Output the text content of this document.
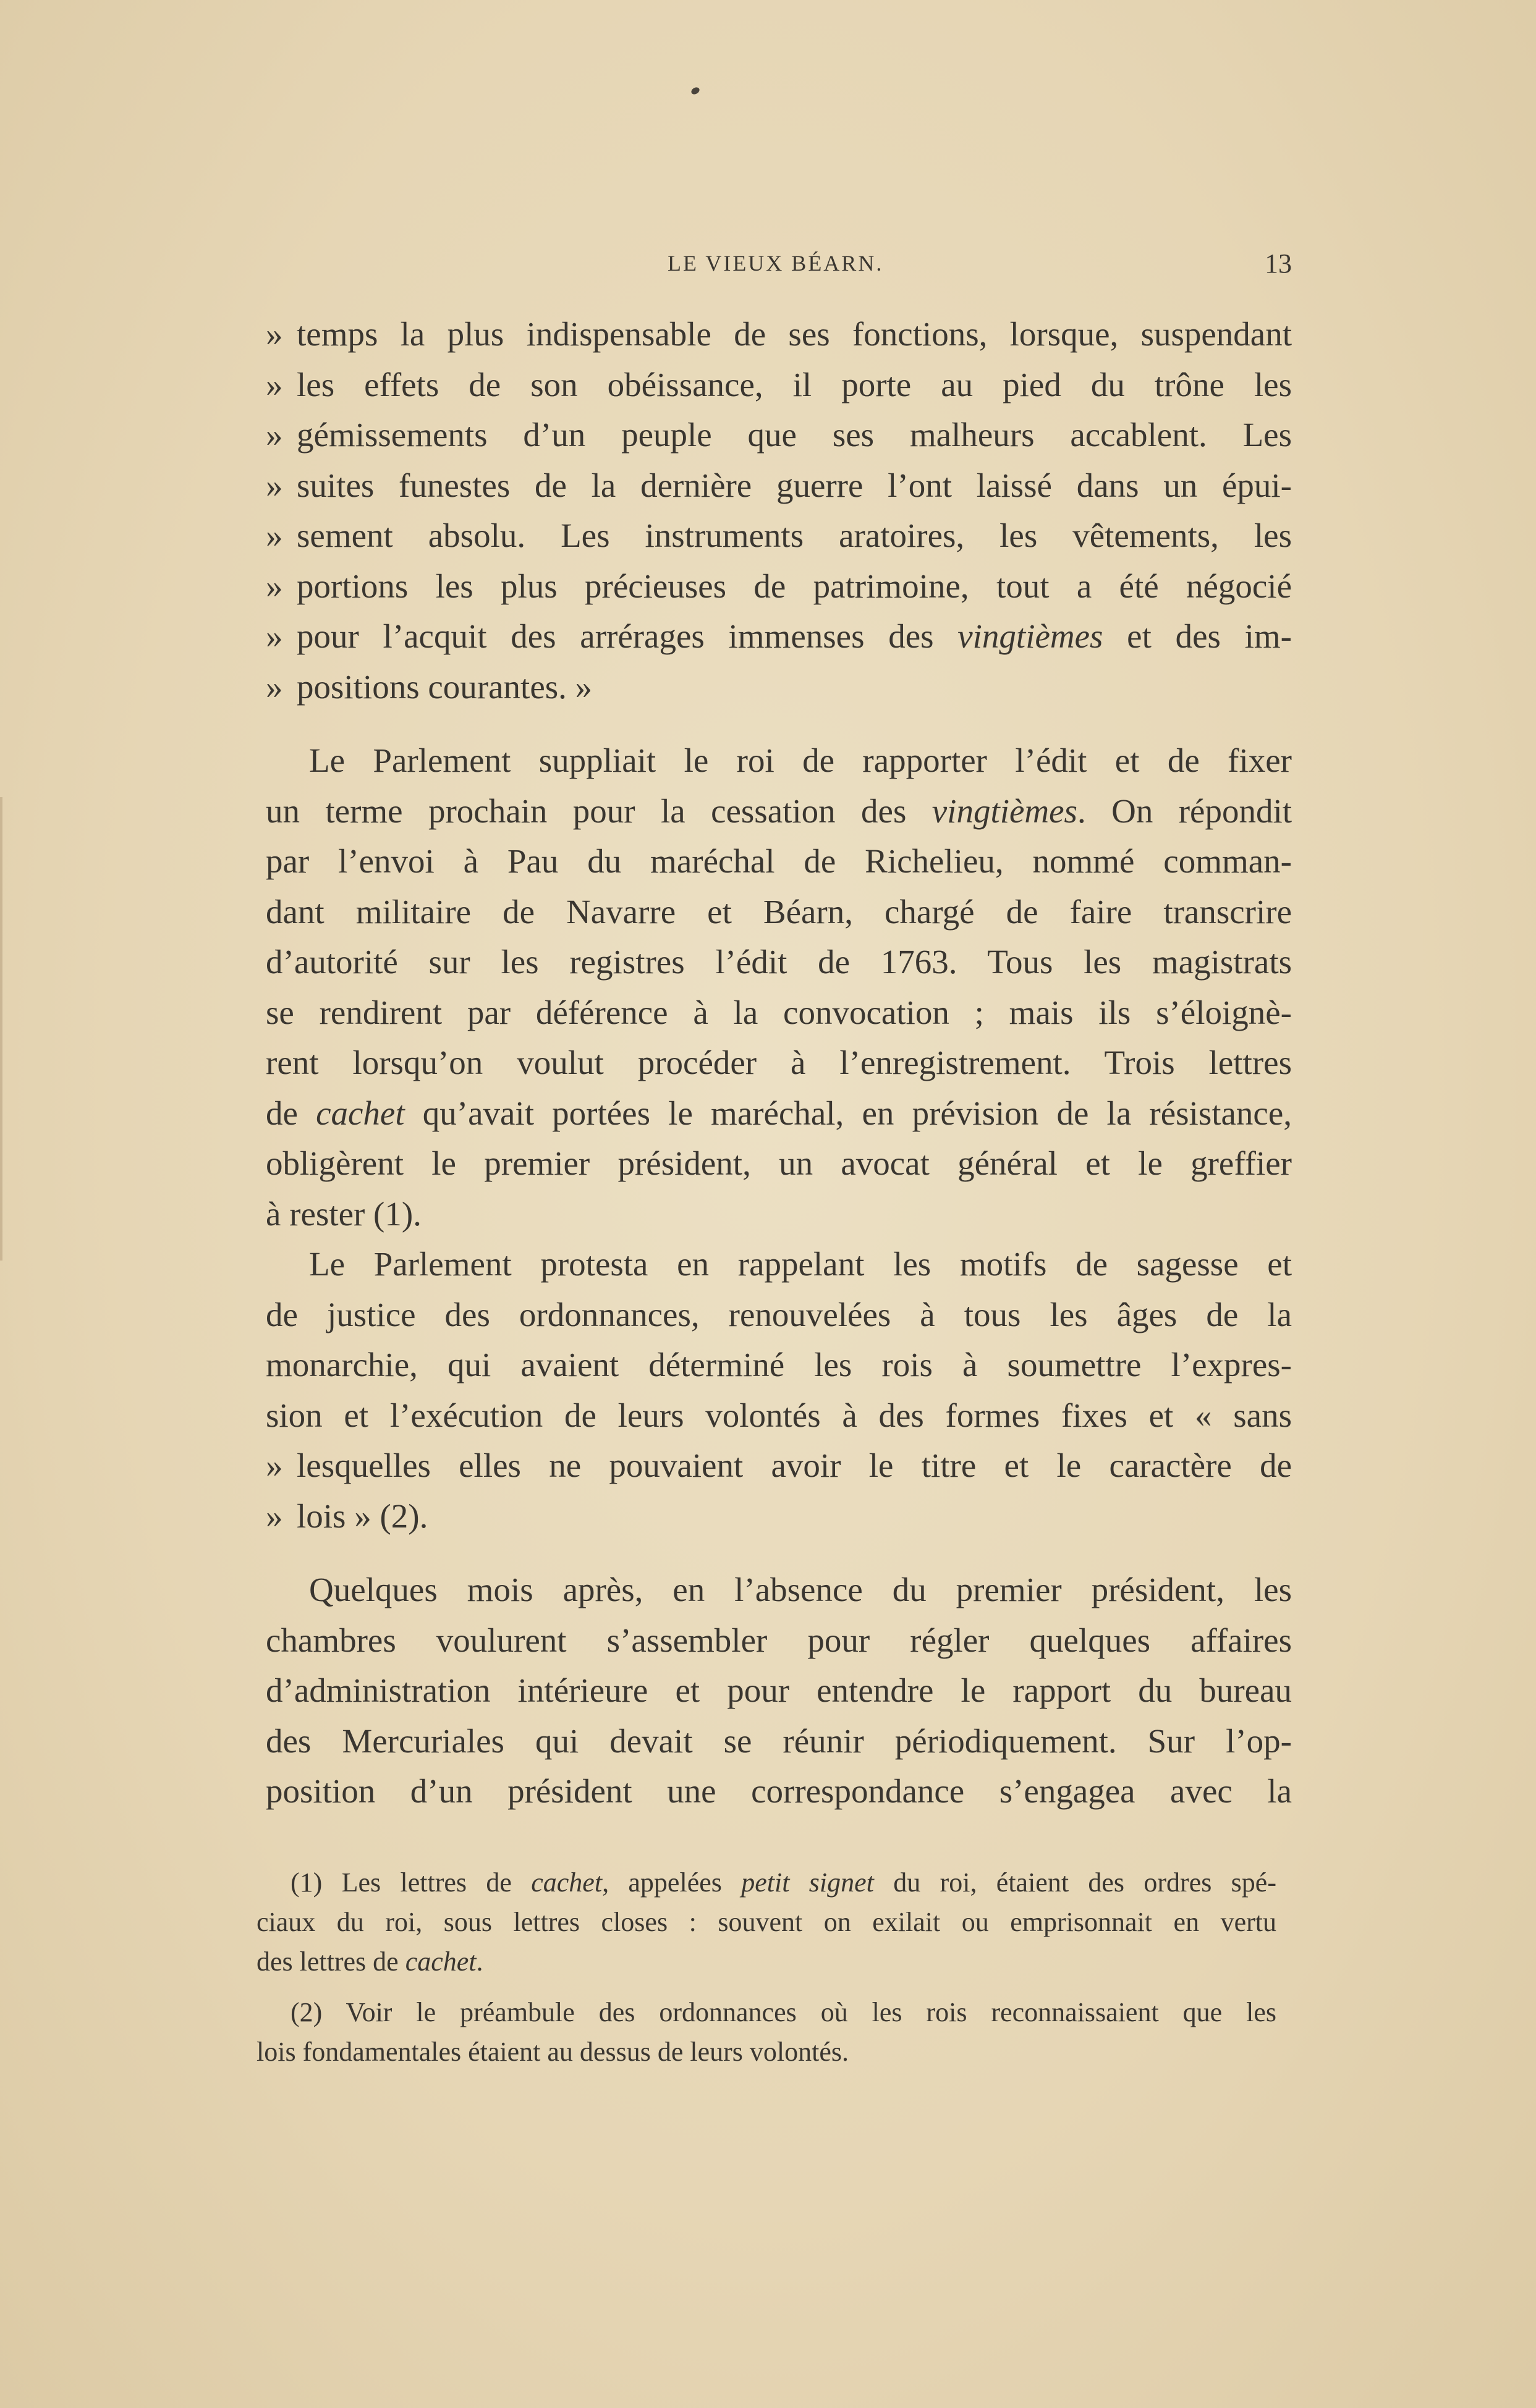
LE VIEUX BÉARN.	13
» temps la plus indispensable de ses fonctions, lorsque, suspendant
» les effets de son obéissance, il porte au pied du trône les
» gémissements d’un peuple que ses malheurs accablent. Les
» suites funestes de la dernière guerre l’ont laissé dans un épui-
» sement absolu. Les instruments aratoires, les vêtements, les
» portions les plus précieuses de patrimoine, tout a été négocié
» pour l’acquit des arrérages immenses des vingtièmes et des im-
» positions courantes. »
Le Parlement suppliait le roi de rapporter l’édit et de fixer
un terme prochain pour la cessation des vingtièmes. On répondit
par l’envoi à Pau du maréchal de Richelieu, nommé comman-
dant militaire de Navarre et Béarn, chargé de faire transcrire
d’autorité sur les registres l’édit de 1763. Tous les magistrats
se rendirent par déférence à la convocation ; mais ils s’éloignè-
rent lorsqu’on voulut procéder à l’enregistrement. Trois lettres
de cachet qu’avait portées le maréchal, en prévision de la résistance,
obligèrent le premier président, un avocat général et le greffier
à rester (1).
Le Parlement protesta en rappelant les motifs de sagesse et
de justice des ordonnances, renouvelées à tous les âges de la
monarchie, qui avaient déterminé les rois à soumettre l’expres-
sion et l’exécution de leurs volontés à des formes fixes et « sans
» lesquelles elles ne pouvaient avoir le titre et le caractère de
» lois » (2).
Quelques mois après, en l’absence du premier président, les
chambres voulurent s’assembler pour régler quelques affaires
d’administration intérieure et pour entendre le rapport du bureau
des Mercuriales qui devait se réunir périodiquement. Sur l’op-
position d’un président une correspondance s’engagea avec la
(1) Les lettres de cachet, appelées petit signet du roi, étaient des ordres spé-
ciaux du roi, sous lettres closes : souvent on exilait ou emprisonnait en vertu
des lettres de cachet.
(2) Voir le préambule des ordonnances où les rois reconnaissaient que les
lois fondamentales étaient au dessus de leurs volontés.
